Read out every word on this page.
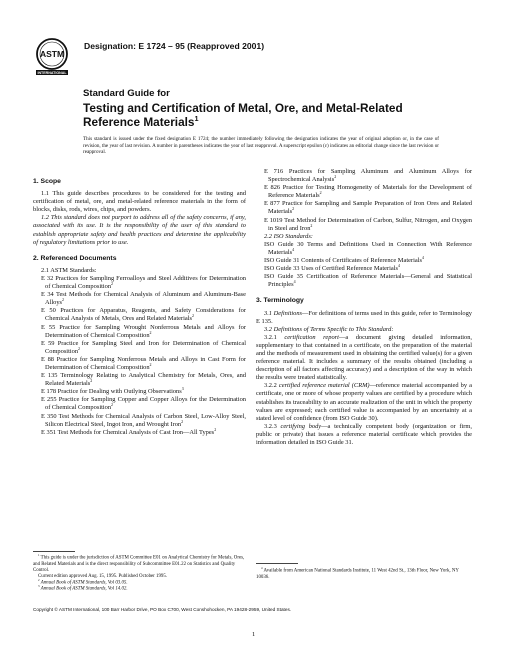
ASTM
INTERNATIONAL
Designation: E 1724 – 95 (Reapproved 2001)
Standard Guide for
Testing and Certification of Metal, Ore, and Metal-Related
Reference Materials$^1$
This standard is issued under the fixed designation E 1724; the number immediately following the designation indicates the year of original adoption or, in the case of revision, the year of last revision. A number in parentheses indicates the year of last reapproval. A superscript epsilon (ε) indicates an editorial change since the last revision or reapproval.

1. Scope

1.1 This guide describes procedures to be considered for the testing and certification of metal, ore, and metal-related reference materials in the form of blocks, disks, rods, wires, chips, and powders.

1.2 This standard does not purport to address all of the safety concerns, if any, associated with its use. It is the responsibility of the user of this standard to establish appropriate safety and health practices and determine the applicability of regulatory limitations prior to use.

2. Referenced Documents

2.1 ASTM Standards:

E 32 Practices for Sampling Ferroalloys and Steel Additives for Determination of Chemical Composition$^2$

E 34 Test Methods for Chemical Analysis of Aluminum and Aluminum-Base Alloys$^2$

E 50 Practices for Apparatus, Reagents, and Safety Considerations for Chemical Analysis of Metals, Ores and Related Materials$^2$

E 55 Practice for Sampling Wrought Nonferrous Metals and Alloys for Determination of Chemical Composition$^2$

E 59 Practice for Sampling Steel and Iron for Determination of Chemical Composition$^2$

E 88 Practice for Sampling Nonferrous Metals and Alloys in Cast Form for Determination of Chemical Composition$^2$

E 135 Terminology Relating to Analytical Chemistry for Metals, Ores, and Related Materials$^2$

E 178 Practice for Dealing with Outlying Observations$^3$

E 255 Practice for Sampling Copper and Copper Alloys for the Determination of Chemical Composition$^2$

E 350 Test Methods for Chemical Analysis of Carbon Steel, Low-Alloy Steel, Silicon Electrical Steel, Ingot Iron, and Wrought Iron$^2$

E 351 Test Methods for Chemical Analysis of Cast Iron—All Types$^2$

E 716 Practices for Sampling Aluminum and Aluminum Alloys for Spectrochemical Analysis$^2$

E 826 Practice for Testing Homogeneity of Materials for the Development of Reference Materials$^2$

E 877 Practice for Sampling and Sample Preparation of Iron Ores and Related Materials$^2$

E 1019 Test Method for Determination of Carbon, Sulfur, Nitrogen, and Oxygen in Steel and Iron$^2$

2.2 ISO Standards:

ISO Guide 30 Terms and Definitions Used in Connection With Reference Materials$^4$

ISO Guide 31 Contents of Certificates of Reference Materials$^4$

ISO Guide 33 Uses of Certified Reference Materials$^4$

ISO Guide 35 Certification of Reference Materials—General and Statistical Principles$^4$

3. Terminology

3.1 Definitions—For definitions of terms used in this guide, refer to Terminology E 135.

3.2 Definitions of Terms Specific to This Standard:

3.2.1 certification report—a document giving detailed information, supplementary to that contained in a certificate, on the preparation of the material and the methods of measurement used in obtaining the certified value(s) for a given reference material. It includes a summary of the results obtained (including a description of all factors affecting accuracy) and a description of the way in which the results were treated statistically.

3.2.2 certified reference material (CRM)—reference material accompanied by a certificate, one or more of whose property values are certified by a procedure which establishes its traceability to an accurate realization of the unit in which the property values are expressed; each certified value is accompanied by an uncertainty at a stated level of confidence (from ISO Guide 30).

3.2.3 certifying body—a technically competent body (organization or firm, public or private) that issues a reference material certificate which provides the information detailed in ISO Guide 31.

$^1$ This guide is under the jurisdiction of ASTM Committee E01 on Analytical Chemistry for Metals, Ores, and Related Materials and is the direct responsibility of Subcommittee E01.22 on Statistics and Quality Control.

Current edition approved Aug. 15, 1995. Published October 1995.

$^2$ Annual Book of ASTM Standards, Vol 03.05.

$^3$ Annual Book of ASTM Standards, Vol 14.02.

$^4$ Available from American National Standards Institute, 11 West 42nd St., 13th Floor, New York, NY 10036.

Copyright © ASTM International, 100 Barr Harbor Drive, PO Box C700, West Conshohocken, PA 19428-2959, United States.
1
